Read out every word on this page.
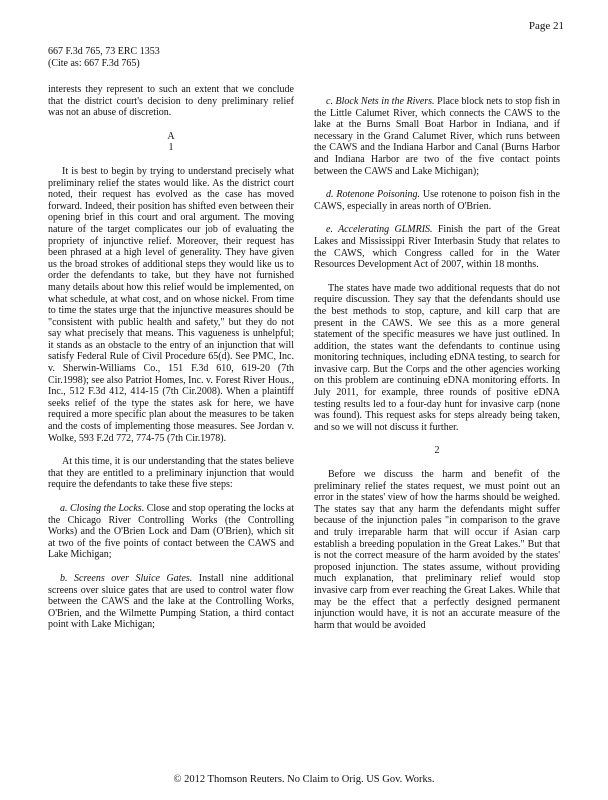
Page 21
667 F.3d 765, 73 ERC 1353
(Cite as: 667 F.3d 765)

interests they represent to such an extent that we conclude that the district court's decision to deny preliminary relief was not an abuse of discretion.

A

1

It is best to begin by trying to understand precisely what preliminary relief the states would like. As the district court noted, their request has evolved as the case has moved forward. Indeed, their position has shifted even between their opening brief in this court and oral argument. The moving nature of the target complicates our job of evaluating the propriety of injunctive relief. Moreover, their request has been phrased at a high level of generality. They have given us the broad strokes of additional steps they would like us to order the defendants to take, but they have not furnished many details about how this relief would be implemented, on what schedule, at what cost, and on whose nickel. From time to time the states urge that the injunctive measures should be "consistent with public health and safety," but they do not say what precisely that means. This vagueness is unhelpful; it stands as an obstacle to the entry of an injunction that will satisfy Federal Rule of Civil Procedure 65(d). See PMC, Inc. v. Sherwin-Williams Co., 151 F.3d 610, 619-20 (7th Cir.1998); see also Patriot Homes, Inc. v. Forest River Hous., Inc., 512 F.3d 412, 414-15 (7th Cir.2008). When a plaintiff seeks relief of the type the states ask for here, we have required a more specific plan about the measures to be taken and the costs of implementing those measures. See Jordan v. Wolke, 593 F.2d 772, 774-75 (7th Cir.1978).

At this time, it is our understanding that the states believe that they are entitled to a preliminary injunction that would require the defendants to take these five steps:

a. Closing the Locks. Close and stop operating the locks at the Chicago River Controlling Works (the Controlling Works) and the O'Brien Lock and Dam (O'Brien), which sit at two of the five points of contact between the CAWS and Lake Michigan;

b. Screens over Sluice Gates. Install nine additional screens over sluice gates that are used to control water flow between the CAWS and the lake at the Controlling Works, O'Brien, and the Wilmette Pumping Station, a third contact point with Lake Michigan;

c. Block Nets in the Rivers. Place block nets to stop fish in the Little Calumet River, which connects the CAWS to the lake at the Burns Small Boat Harbor in Indiana, and if necessary in the Grand Calumet River, which runs between the CAWS and the Indiana Harbor and Canal (Burns Harbor and Indiana Harbor are two of the five contact points between the CAWS and Lake Michigan);

d. Rotenone Poisoning. Use rotenone to poison fish in the CAWS, especially in areas north of O'Brien.

e. Accelerating GLMRIS. Finish the part of the Great Lakes and Mississippi River Interbasin Study that relates to the CAWS, which Congress called for in the Water Resources Development Act of 2007, within 18 months.

The states have made two additional requests that do not require discussion. They say that the defendants should use the best methods to stop, capture, and kill carp that are present in the CAWS. We see this as a more general statement of the specific measures we have just outlined. In addition, the states want the defendants to continue using monitoring techniques, including eDNA testing, to search for invasive carp. But the Corps and the other agencies working on this problem are continuing eDNA monitoring efforts. In July 2011, for example, three rounds of positive eDNA testing results led to a four-day hunt for invasive carp (none was found). This request asks for steps already being taken, and so we will not discuss it further.

2

Before we discuss the harm and benefit of the preliminary relief the states request, we must point out an error in the states' view of how the harms should be weighed. The states say that any harm the defendants might suffer because of the injunction pales "in comparison to the grave and truly irreparable harm that will occur if Asian carp establish a breeding population in the Great Lakes." But that is not the correct measure of the harm avoided by the states' proposed injunction. The states assume, without providing much explanation, that preliminary relief would stop invasive carp from ever reaching the Great Lakes. While that may be the effect that a perfectly designed permanent injunction would have, it is not an accurate measure of the harm that would be avoided

© 2012 Thomson Reuters. No Claim to Orig. US Gov. Works.
